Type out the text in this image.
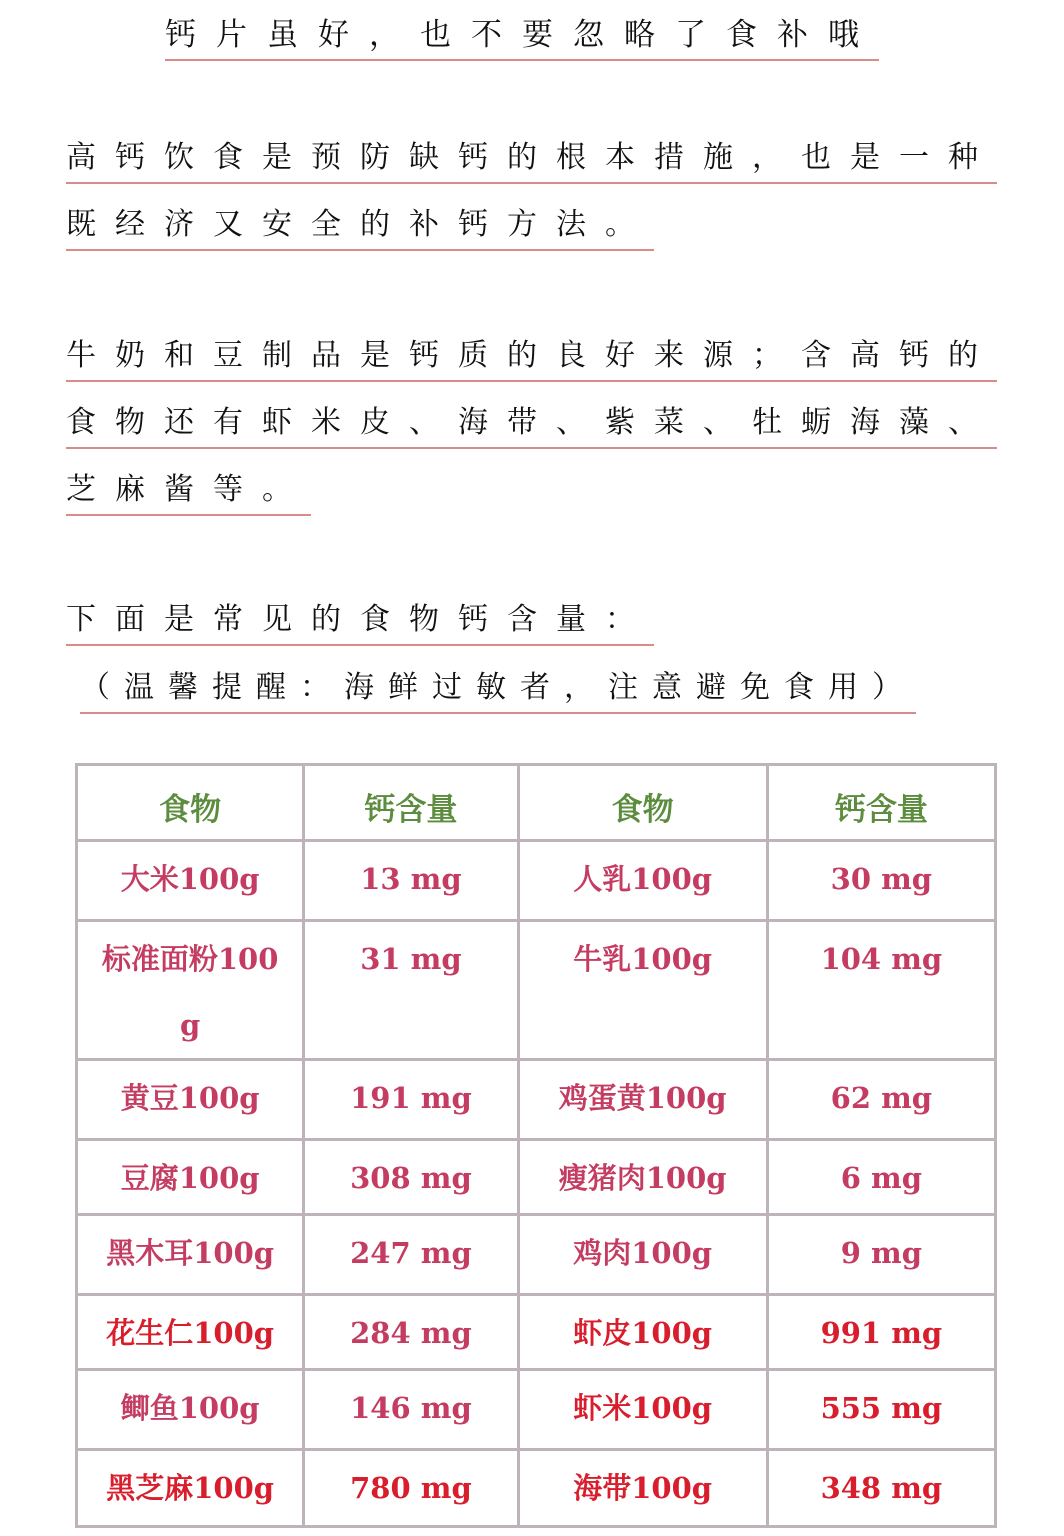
钙片虽好，也不要忽略了食补哦
高钙饮食是预防缺钙的根本措施，也是一种
既经济又安全的补钙方法。
牛奶和豆制品是钙质的良好来源；含高钙的
食物还有虾米皮、海带、紫菜、牡蛎海藻、
芝麻酱等。
下面是常见的食物钙含量：
（温馨提醒：海鲜过敏者，注意避免食用）
食物	钙含量	食物	钙含量
大米100g	13 mg	人乳100g	30 mg
标准面粉100g	31 mg	牛乳100g	104 mg
黄豆100g	191 mg	鸡蛋黄100g	62 mg
豆腐100g	308 mg	瘦猪肉100g	6 mg
黑木耳100g	247 mg	鸡肉100g	9 mg
花生仁100g	284 mg	虾皮100g	991 mg
鲫鱼100g	146 mg	虾米100g	555 mg
黑芝麻100g	780 mg	海带100g	348 mg
